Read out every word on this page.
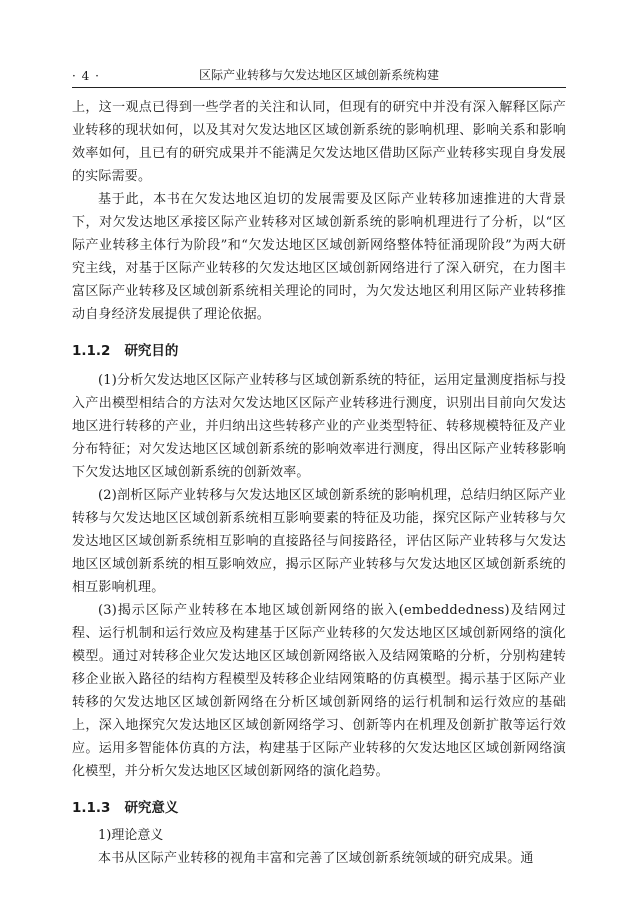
· 4 ·	区际产业转移与欠发达地区区域创新系统构建

上，这一观点已得到一些学者的关注和认同，但现有的研究中并没有深入解释区际产业转移的现状如何，以及其对欠发达地区区域创新系统的影响机理、影响关系和影响效率如何，且已有的研究成果并不能满足欠发达地区借助区际产业转移实现自身发展的实际需要。

基于此，本书在欠发达地区迫切的发展需要及区际产业转移加速推进的大背景下，对欠发达地区承接区际产业转移对区域创新系统的影响机理进行了分析，以“区际产业转移主体行为阶段”和“欠发达地区区域创新网络整体特征涌现阶段”为两大研究主线，对基于区际产业转移的欠发达地区区域创新网络进行了深入研究，在力图丰富区际产业转移及区域创新系统相关理论的同时，为欠发达地区利用区际产业转移推动自身经济发展提供了理论依据。

1.1.2 研究目的

(1)分析欠发达地区区际产业转移与区域创新系统的特征，运用定量测度指标与投入产出模型相结合的方法对欠发达地区区际产业转移进行测度，识别出目前向欠发达地区进行转移的产业，并归纳出这些转移产业的产业类型特征、转移规模特征及产业分布特征；对欠发达地区区域创新系统的影响效率进行测度，得出区际产业转移影响下欠发达地区区域创新系统的创新效率。

(2)剖析区际产业转移与欠发达地区区域创新系统的影响机理，总结归纳区际产业转移与欠发达地区区域创新系统相互影响要素的特征及功能，探究区际产业转移与欠发达地区区域创新系统相互影响的直接路径与间接路径，评估区际产业转移与欠发达地区区域创新系统的相互影响效应，揭示区际产业转移与欠发达地区区域创新系统的相互影响机理。

(3)揭示区际产业转移在本地区域创新网络的嵌入(embeddedness)及结网过程、运行机制和运行效应及构建基于区际产业转移的欠发达地区区域创新网络的演化模型。通过对转移企业欠发达地区区域创新网络嵌入及结网策略的分析，分别构建转移企业嵌入路径的结构方程模型及转移企业结网策略的仿真模型。揭示基于区际产业转移的欠发达地区区域创新网络在分析区域创新网络的运行机制和运行效应的基础上，深入地探究欠发达地区区域创新网络学习、创新等内在机理及创新扩散等运行效应。运用多智能体仿真的方法，构建基于区际产业转移的欠发达地区区域创新网络演化模型，并分析欠发达地区区域创新网络的演化趋势。

1.1.3 研究意义
1)理论意义

本书从区际产业转移的视角丰富和完善了区域创新系统领域的研究成果。通
